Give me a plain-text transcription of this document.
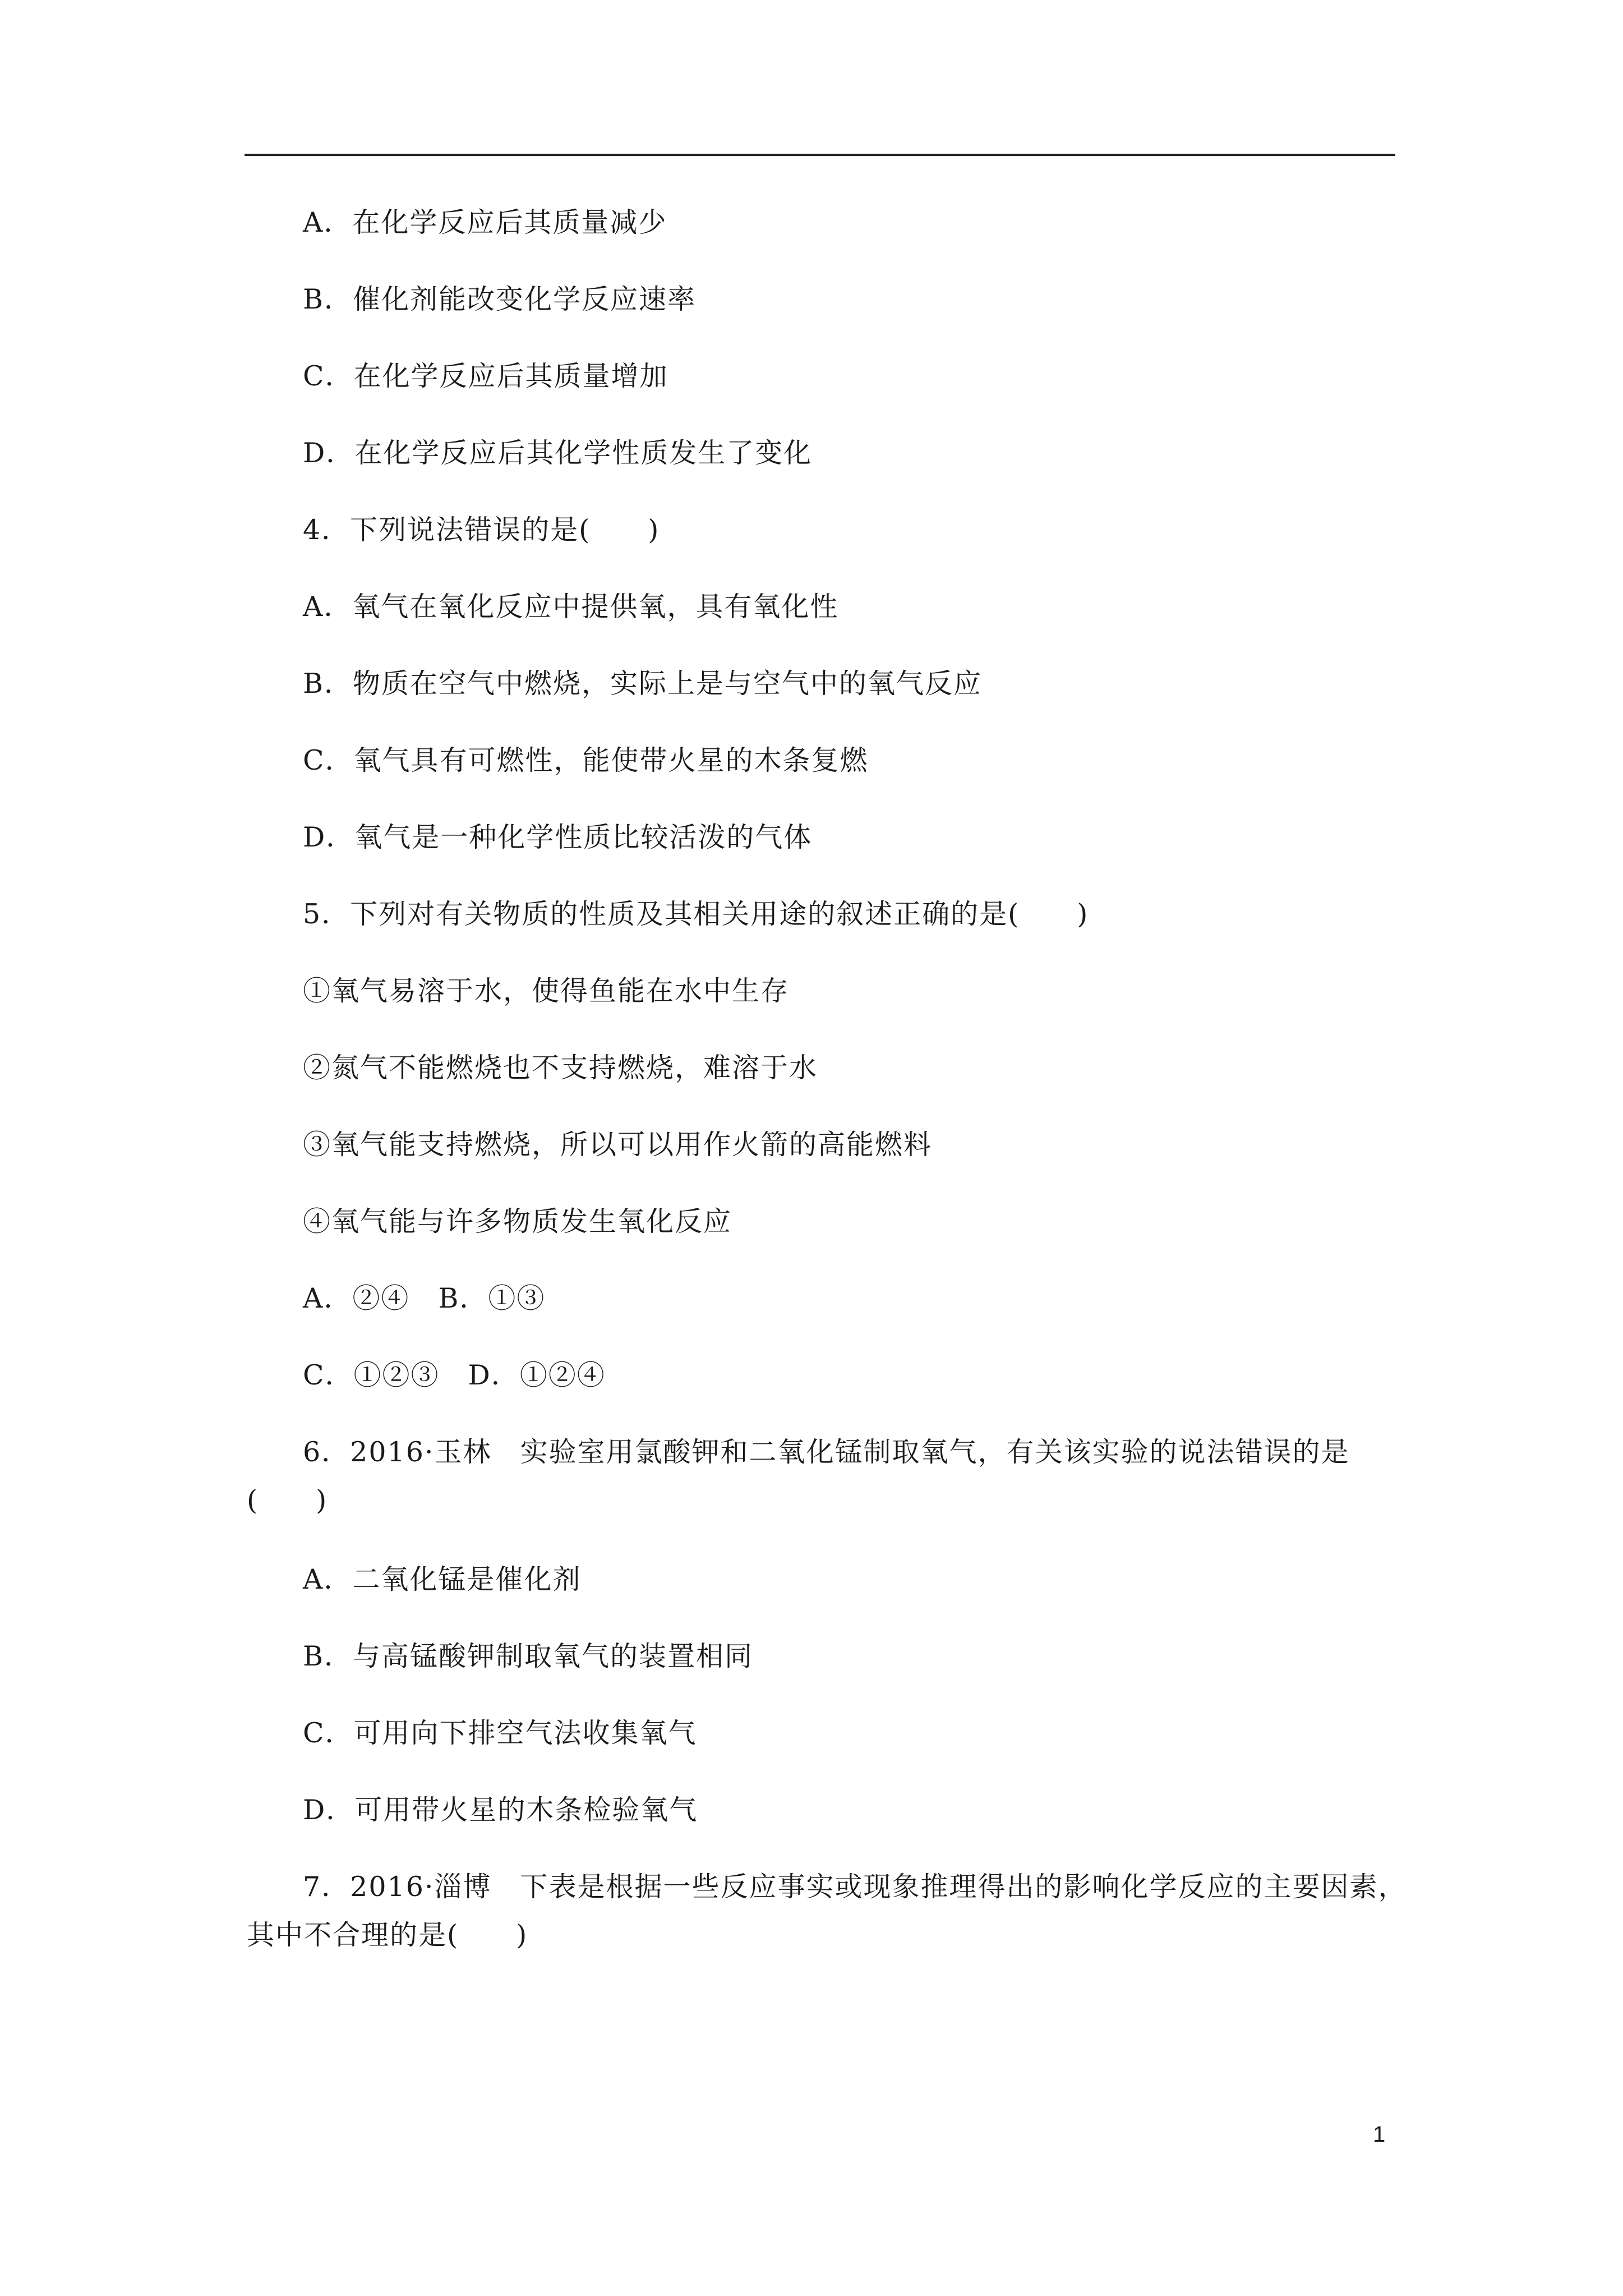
A．在化学反应后其质量减少
B．催化剂能改变化学反应速率
C．在化学反应后其质量增加
D．在化学反应后其化学性质发生了变化
4．下列说法错误的是(　　)
A．氧气在氧化反应中提供氧，具有氧化性
B．物质在空气中燃烧，实际上是与空气中的氧气反应
C．氧气具有可燃性，能使带火星的木条复燃
D．氧气是一种化学性质比较活泼的气体
5．下列对有关物质的性质及其相关用途的叙述正确的是(　　)
①氧气易溶于水，使得鱼能在水中生存
②氮气不能燃烧也不支持燃烧，难溶于水
③氧气能支持燃烧，所以可以用作火箭的高能燃料
④氧气能与许多物质发生氧化反应
A．②④　B．①③
C．①②③　D．①②④
6．2016·玉林　实验室用氯酸钾和二氧化锰制取氧气，有关该实验的说法错误的是
(　　)
A．二氧化锰是催化剂
B．与高锰酸钾制取氧气的装置相同
C．可用向下排空气法收集氧气
D．可用带火星的木条检验氧气
7．2016·淄博　下表是根据一些反应事实或现象推理得出的影响化学反应的主要因素，
其中不合理的是(　　)
1
